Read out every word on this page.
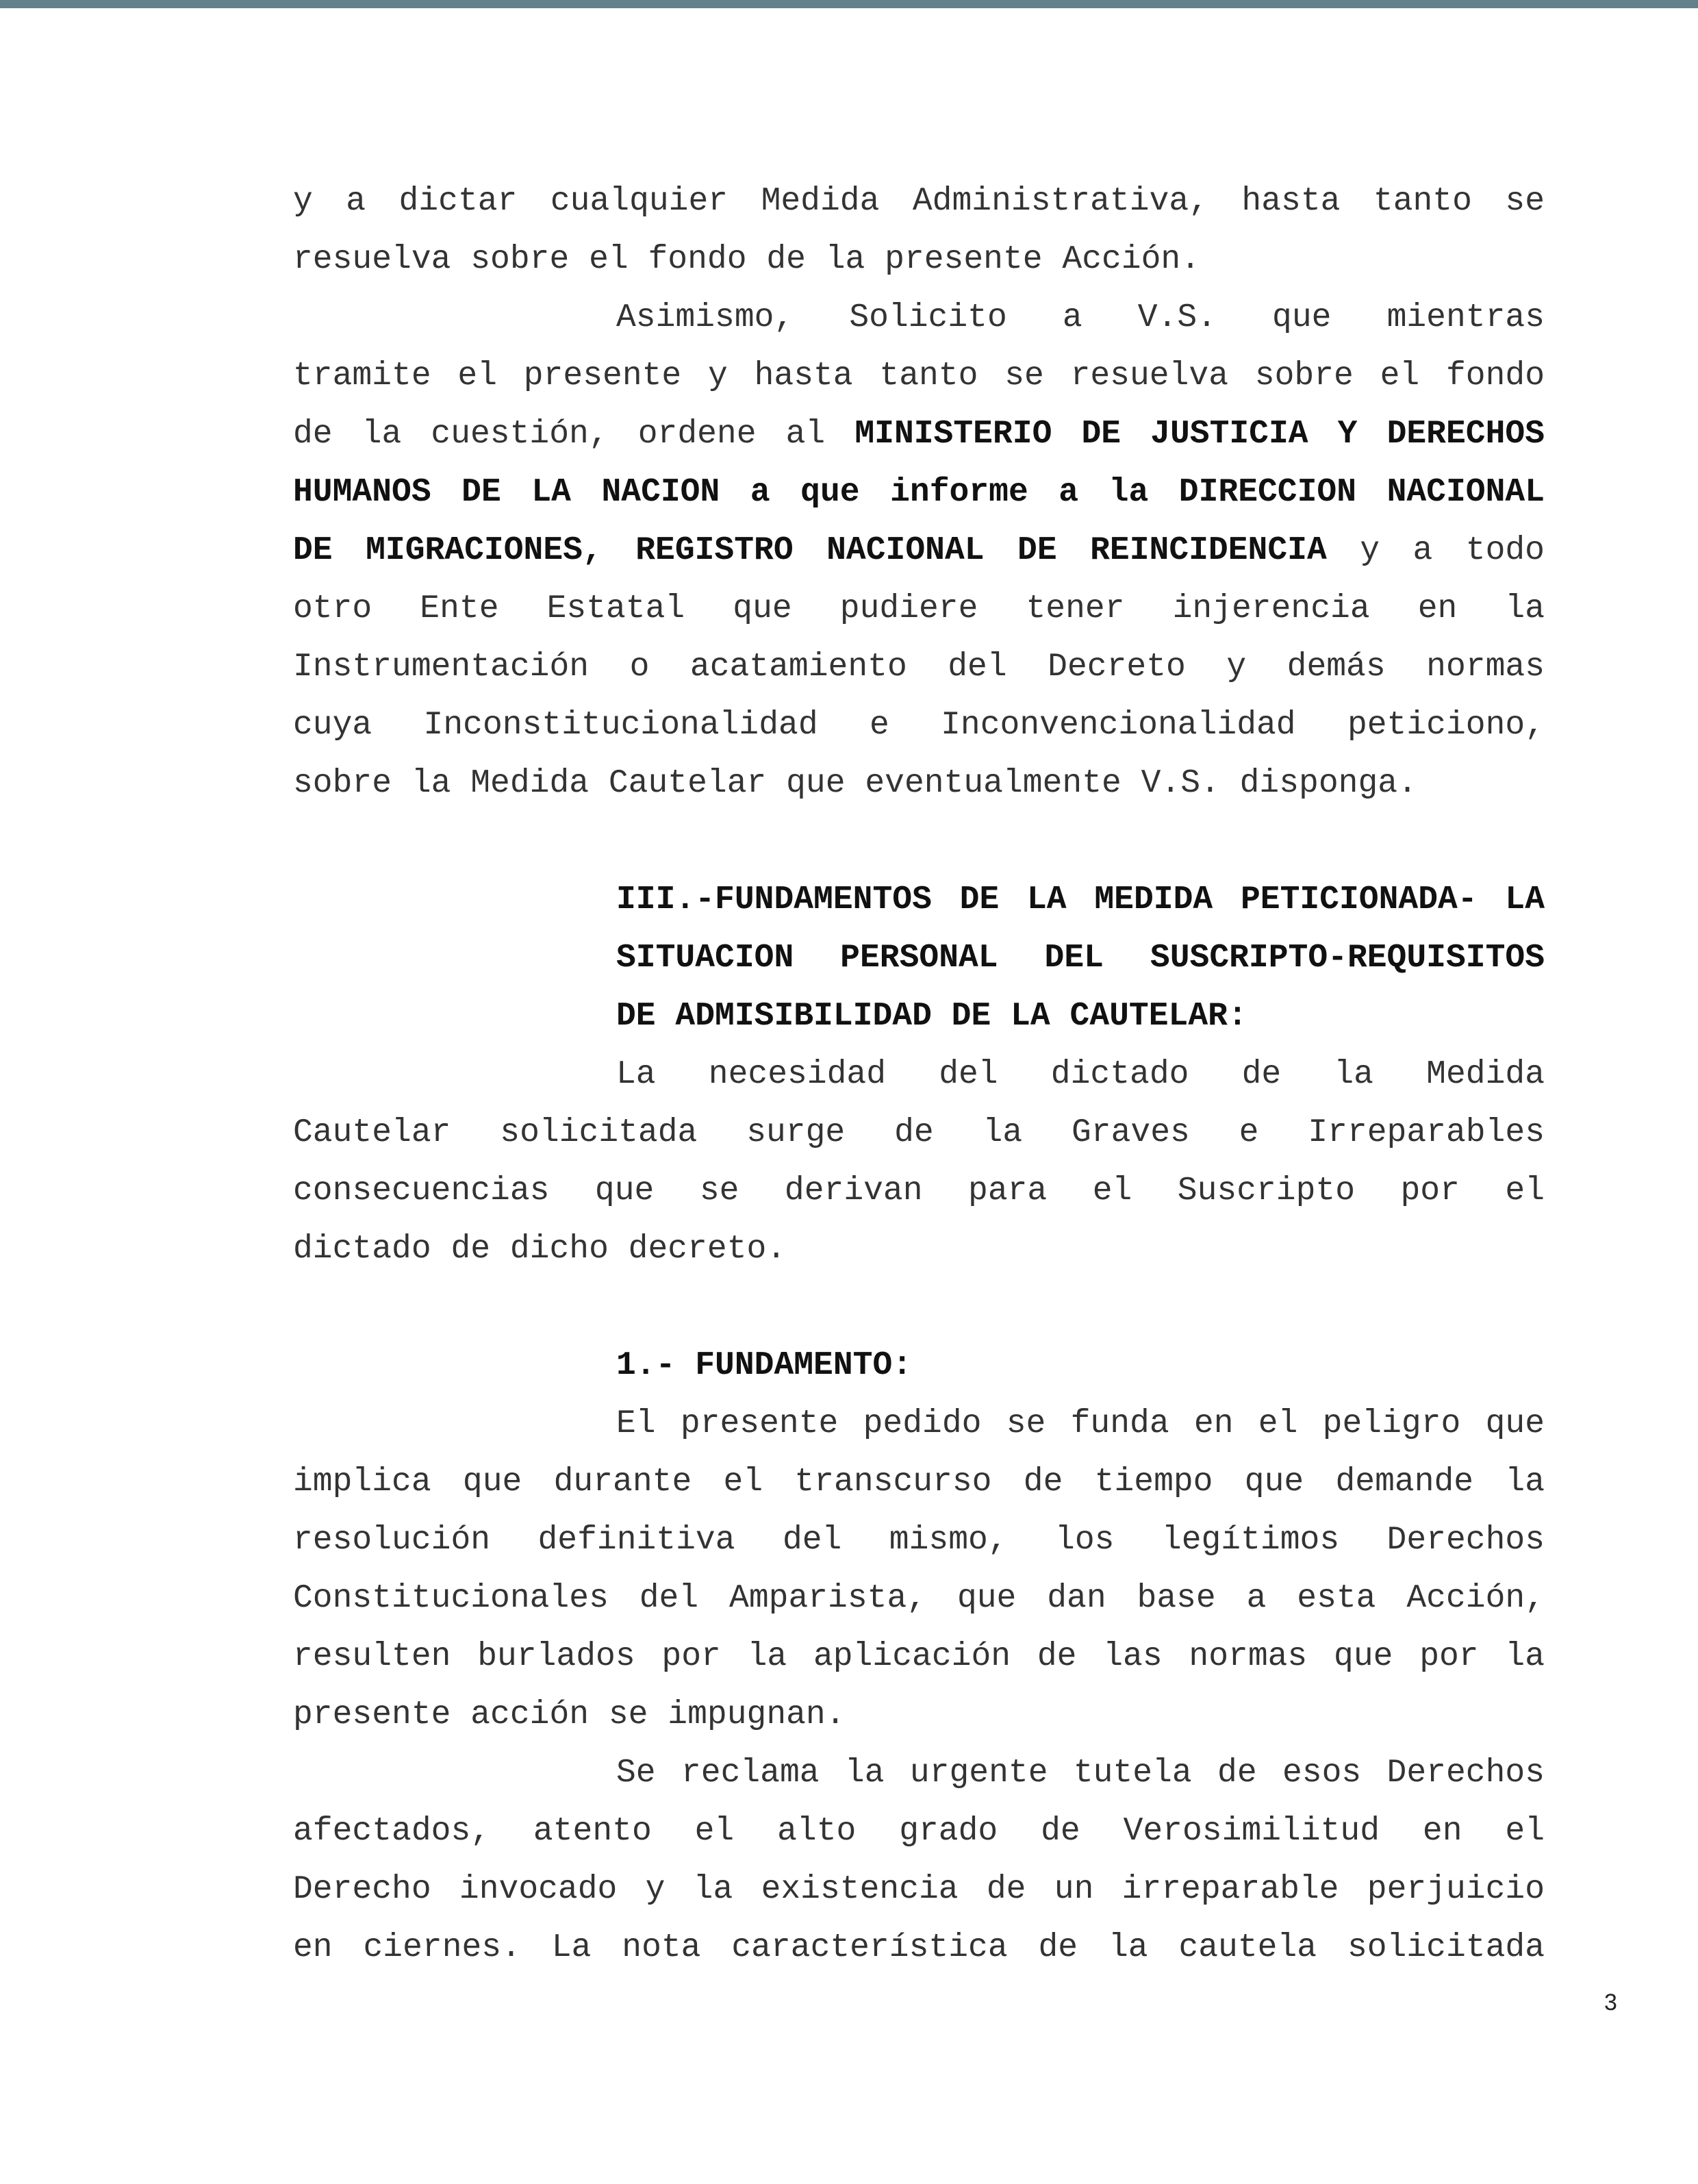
y a dictar cualquier Medida Administrativa, hasta tanto se
resuelva sobre el fondo de la presente Acción.
Asimismo, Solicito a V.S. que mientras
tramite el presente y hasta tanto se resuelva sobre el fondo
de la cuestión, ordene al MINISTERIO DE JUSTICIA Y DERECHOS
HUMANOS DE LA NACION a que informe a la DIRECCION NACIONAL
DE MIGRACIONES, REGISTRO NACIONAL DE REINCIDENCIA y a todo
otro Ente Estatal que pudiere tener injerencia en la
Instrumentación o acatamiento del Decreto y demás normas
cuya Inconstitucionalidad e Inconvencionalidad peticiono,
sobre la Medida Cautelar que eventualmente V.S. disponga.
III.-FUNDAMENTOS DE LA MEDIDA PETICIONADA- LA
SITUACION PERSONAL DEL SUSCRIPTO-REQUISITOS
DE ADMISIBILIDAD DE LA CAUTELAR:
La necesidad del dictado de la Medida
Cautelar solicitada surge de la Graves e Irreparables
consecuencias que se derivan para el Suscripto por el
dictado de dicho decreto.
1.- FUNDAMENTO:
El presente pedido se funda en el peligro que
implica que durante el transcurso de tiempo que demande la
resolución definitiva del mismo, los legítimos Derechos
Constitucionales del Amparista, que dan base a esta Acción,
resulten burlados por la aplicación de las normas que por la
presente acción se impugnan.
Se reclama la urgente tutela de esos Derechos
afectados, atento el alto grado de Verosimilitud en el
Derecho invocado y la existencia de un irreparable perjuicio
en ciernes. La nota característica de la cautela solicitada
3
